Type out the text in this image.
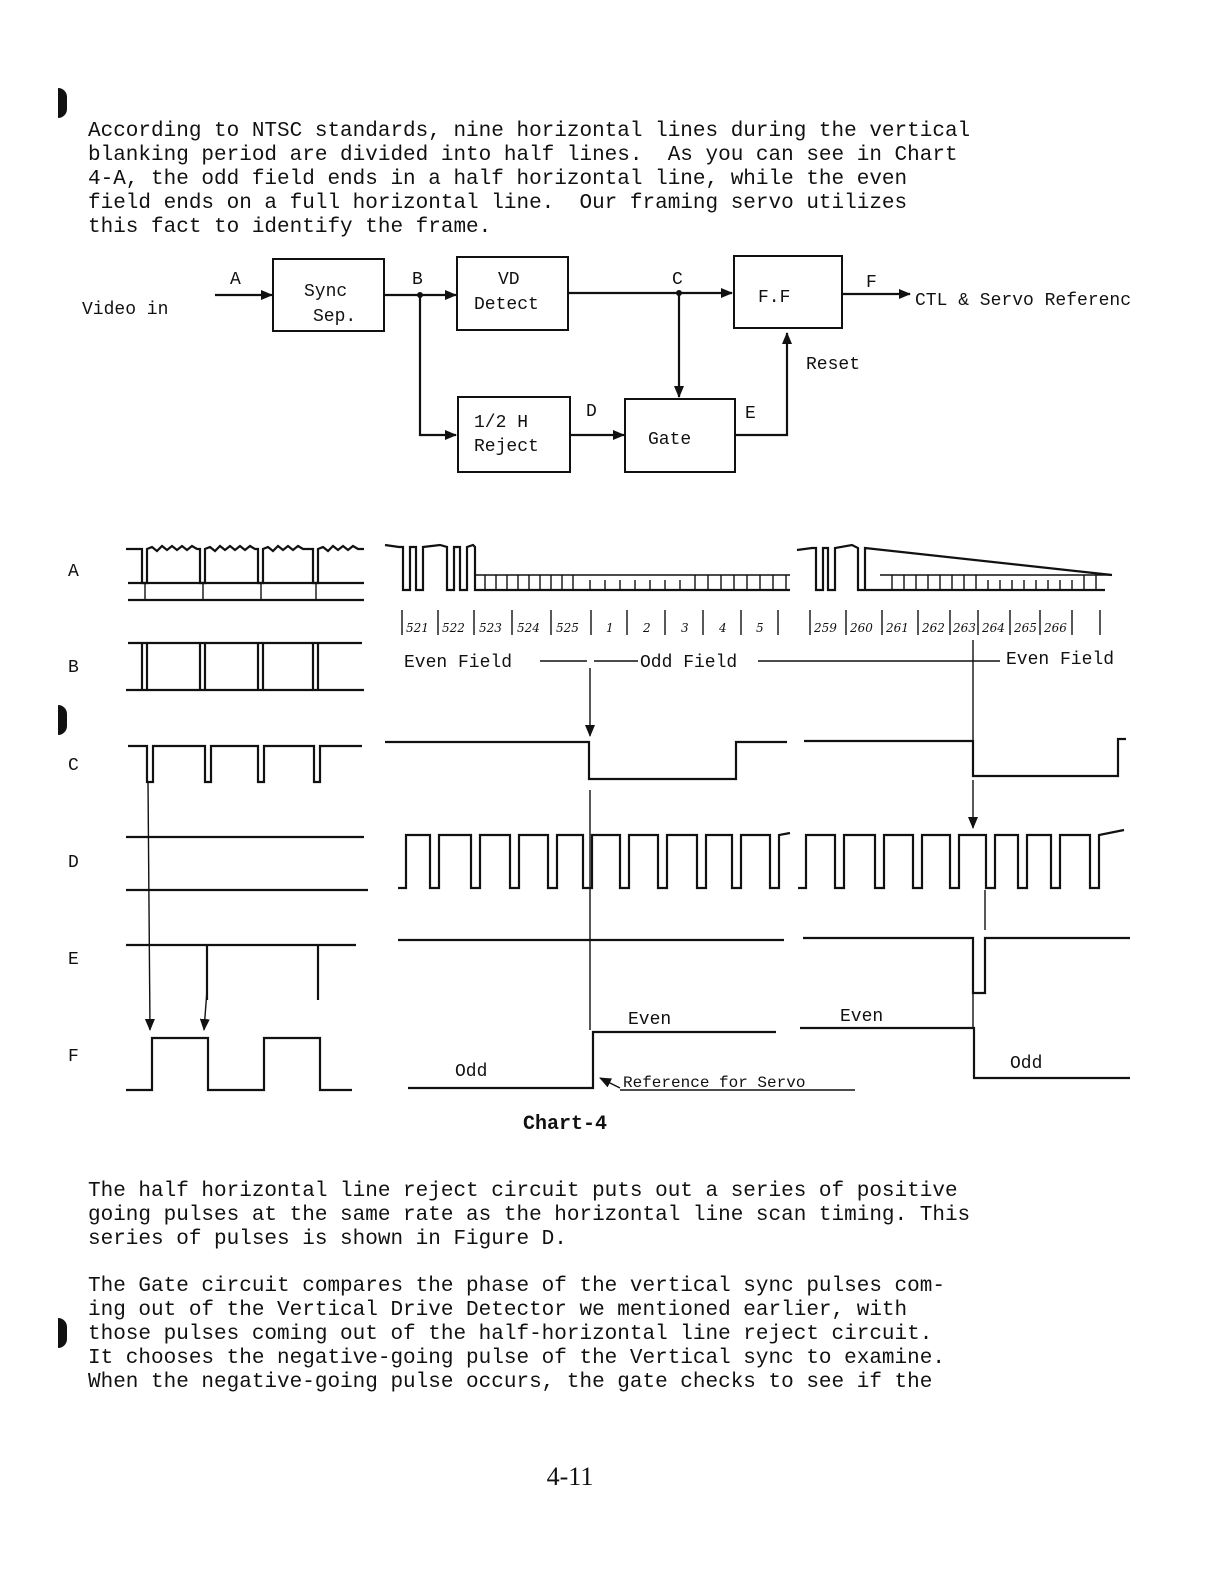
According to NTSC standards, nine horizontal lines during the vertical
blanking period are divided into half lines.  As you can see in Chart
4-A, the odd field ends in a half horizontal line, while the even
field ends on a full horizontal line.  Our framing servo utilizes
this fact to identify the frame.

Video in
A
Sync
Sep.
B	VD
Detect
C
F.F
F
CTL & Servo Referenc
1/2 H
Reject
D
Gate
E
Reset
A
B
C
D
E
F
521 522 523 524 525 1 2	3	4 5	259 260 261 262 263 264 265 266
Even Field	Odd Field	Even Field
Odd
Even	Even
Odd
Reference for Servo
Chart-4

The half horizontal line reject circuit puts out a series of positive
going pulses at the same rate as the horizontal line scan timing. This
series of pulses is shown in Figure D.

The Gate circuit compares the phase of the vertical sync pulses com-
ing out of the Vertical Drive Detector we mentioned earlier, with
those pulses coming out of the half-horizontal line reject circuit.
It chooses the negative-going pulse of the Vertical sync to examine.
When the negative-going pulse occurs, the gate checks to see if the

4-11
